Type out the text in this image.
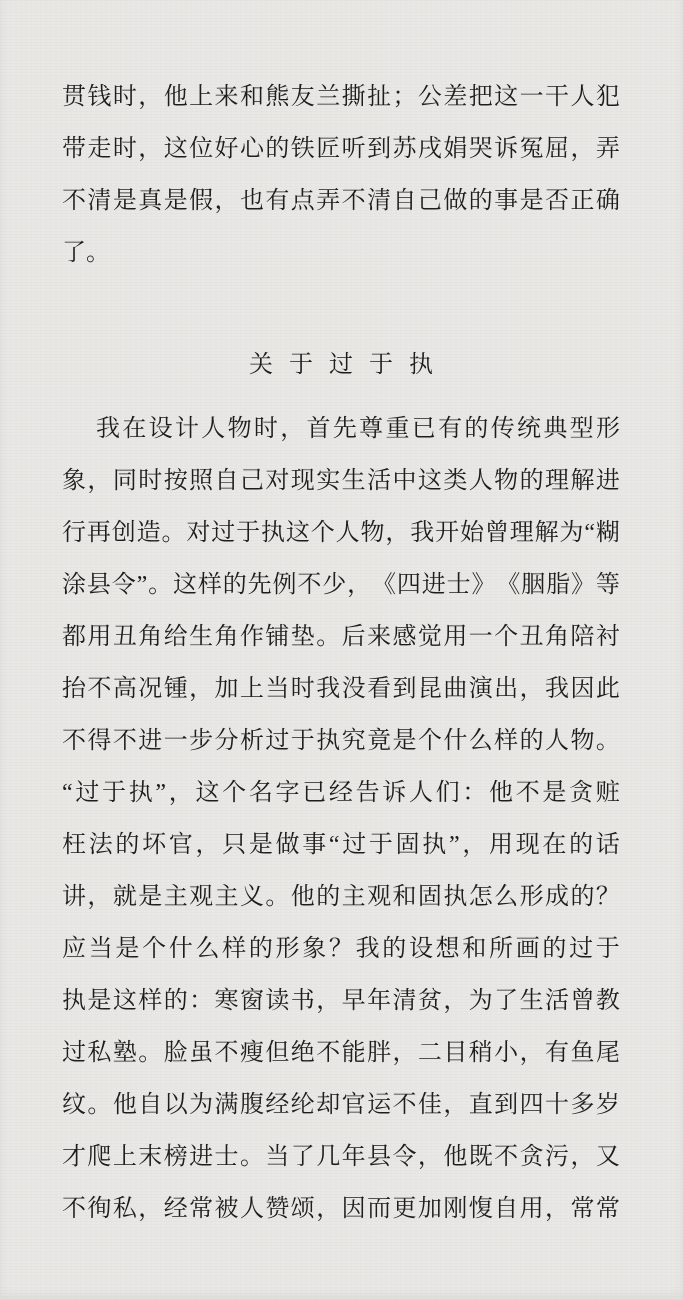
贯 钱 时 ， 他 上 来 和 熊 友 兰 撕 扯 ； 公 差 把 这 一 干 人 犯
带 走 时 ， 这 位 好 心 的 铁 匠 听 到 苏 戌 娟 哭 诉 冤 屈 ， 弄
不 清 是 真 是 假 ， 也 有 点 弄 不 清 自 己 做 的 事 是 否 正 确
了。
关 于 过 于 执
我 在 设 计 人 物 时 ， 首 先 尊 重 已 有 的 传 统 典 型 形
象 ， 同 时 按 照 自 己 对 现 实 生 活 中 这 类 人 物 的 理 解 进
行 再 创 造 。 对 过 于 执 这 个 人 物 ， 我 开 始 曾 理 解 为 “ 糊
涂 县 令 ” 。 这 样 的 先 例 不 少 ， 《 四 进 士 》 《 胭 脂 》 等
都 用 丑 角 给 生 角 作 铺 垫 。 后 来 感 觉 用 一 个 丑 角 陪 衬
抬 不 高 况 锺 ， 加 上 当 时 我 没 看 到 昆 曲 演 出 ， 我 因 此
不 得 不 进 一 步 分 析 过 于 执 究 竟 是 个 什 么 样 的 人 物 。
“ 过 于 执 ” ， 这 个 名 字 已 经 告 诉 人 们 ： 他 不 是 贪 赃
枉 法 的 坏 官 ， 只 是 做 事 “ 过 于 固 执 ” ， 用 现 在 的 话
讲 ， 就 是 主 观 主 义 。 他 的 主 观 和 固 执 怎 么 形 成 的 ？
应 当 是 个 什 么 样 的 形 象 ？ 我 的 设 想 和 所 画 的 过 于
执 是 这 样 的 ： 寒 窗 读 书 ， 早 年 清 贫 ， 为 了 生 活 曾 教
过 私 塾 。 脸 虽 不 瘦 但 绝 不 能 胖 ， 二 目 稍 小 ， 有 鱼 尾
纹 。 他 自 以 为 满 腹 经 纶 却 官 运 不 佳 ， 直 到 四 十 多 岁
才 爬 上 末 榜 进 士 。 当 了 几 年 县 令 ， 他 既 不 贪 污 ， 又
不 徇 私 ， 经 常 被 人 赞 颂 ， 因 而 更 加 刚 愎 自 用 ， 常 常
